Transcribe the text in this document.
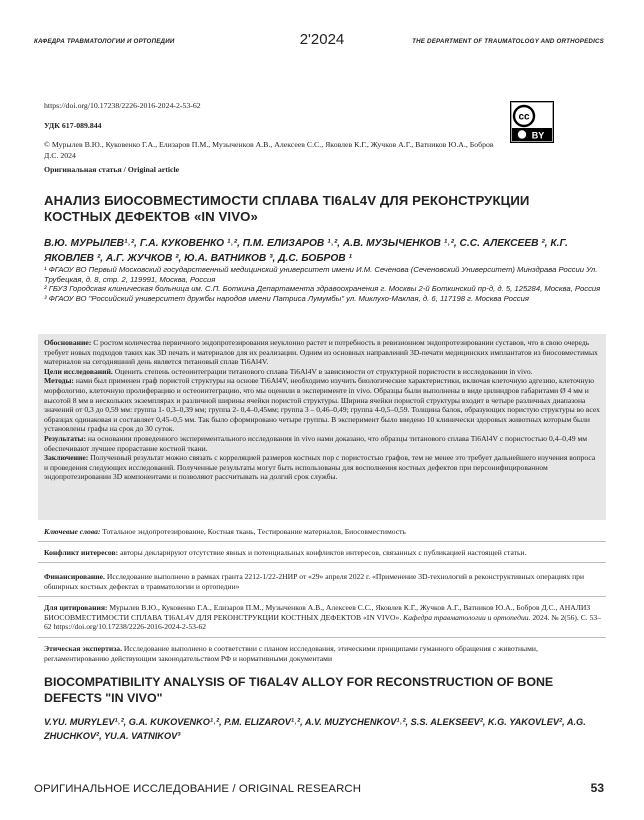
КАФЕДРА ТРАВМАТОЛОГИИ И ОРТОПЕДИИ	2'2024	THE DEPARTMENT OF TRAUMATOLOGY AND ORTHOPEDICS
https://doi.org/10.17238/2226-2016-2024-2-53-62
УДК 617-089.844
© Мурылев В.Ю., Куковенко Г.А., Елизаров П.М., Музыченков А.В., Алексеев С.С., Яковлев К.Г., Жучков А.Г., Ватников Ю.А., Бобров Д.С. 2024
Оригинальная статья / Original article
cc
BY
АНАЛИЗ БИОСОВМЕСТИМОСТИ СПЛАВА TI6AL4V ДЛЯ РЕКОНСТРУКЦИИ КОСТНЫХ ДЕФЕКТОВ «IN VIVO»
В.Ю. МУРЫЛЕВ¹˒², Г.А. КУКОВЕНКО ¹˒², П.М. ЕЛИЗАРОВ ¹˒², А.В. МУЗЫЧЕНКОВ ¹˒², С.С. АЛЕКСЕЕВ ², К.Г. ЯКОВЛЕВ ², А.Г. ЖУЧКОВ ², Ю.А. ВАТНИКОВ ³, Д.С. БОБРОВ ¹
¹ ФГАОУ ВО Первый Московский государственный медицинский университет имени И.М. Сеченова (Сеченовский Университет) Минздрава России Ул. Трубецкая, д. 8, стр. 2, 119991, Москва, Россия
² ГБУЗ Городская клиническая больница им. С.П. Боткина Департамента здравоохранения г. Москвы 2-й Боткинский пр-д, д. 5, 125284, Москва, Россия
³ ФГАОУ ВО "Российский университет дружбы народов имени Патриса Лумумбы" ул. Миклухо-Маклая, д. 6, 117198 г. Москва Россия

Обоснование: С ростом количества первичного эндопротезирования неуклонно растет и потребность в ревизионном эндопротезировании суставов, что в свою очередь требует новых подходов таких как 3D печать и материалов для их реализации. Одним из основных направлений 3D-печати медицинских имплантатов из биосовместимых материалов на сегодняшний день является титановый сплав Ti6Al4V.

Цели исследований. Оценить степень остеоинтеграции титанового сплава Ti6Al4V в зависимости от структурной пористости в исследовании in vivo.

Методы: нами был применен граф пористой структуры на основе Ti6Al4V, необходимо изучить биологические характеристики, включая клеточную адгезию, клеточную морфологию, клеточную пролиферацию и остеоинтеграцию, что мы оценили в эксперименте in vivo. Образцы были выполнены в виде цилиндров габаритами Ø 4 мм и высотой 8 мм в нескольких экземплярах и различной ширины ячейки пористой структуры. Ширина ячейки пористой структуры входит в четыре различных диапазона значений от 0,3 до 0,59 мм: группа 1- 0,3–0,39 мм; группа 2- 0,4–0,45мм; группа 3 – 0,46–0,49; группа 4-0,5–0,59. Толщина балок, образующих пористую структуры во всех образцах одинаковая и составляет 0,45–0,5 мм. Так было сформировано четыре группы. В эксперимент было введено 10 клинически здоровых животных которым были установлены графы на срок до 30 суток.

Результаты: на основании проведенного экспериментального исследования in vivo нами доказано, что образцы титанового сплава Ti6Al4V с пористостью 0,4–0,49 мм обеспечивают лучшее прорастание костной ткани.

Заключение: Полученный результат можно связать с корреляцией размеров костных пор с пористостью графов, тем не менее это требует дальнейшего изучения вопроса и проведения следующих исследований. Полученные результаты могут быть использованы для восполнения костных дефектов при персонифицированном эндопротезировании 3D компонентами и позволяют рассчитывать на долгий срок службы.

Ключевые слова: Тотальное эндопротезирование, Костная ткань, Тестирование материалов, Биосовместимость
Конфликт интересов: авторы декларируют отсутствие явных и потенциальных конфликтов интересов, связанных с публикацией настоящей статьи.
Финансирование. Исследование выполнено в рамках гранта 2212-1/22-2НИР от «29» апреля 2022 г. «Применение 3D-технологий в реконструктивных операциях при обширных костных дефектах в травматологии и ортопедии»
Для цитирования: Мурылев В.Ю., Куковенко Г.А., Елизаров П.М., Музыченков А.В., Алексеев С.С., Яковлев К.Г., Жучков А.Г., Ватников Ю.А., Бобров Д.С., АНАЛИЗ БИОСОВМЕСТИМОСТИ СПЛАВА TI6AL4V ДЛЯ РЕКОНСТРУКЦИИ КОСТНЫХ ДЕФЕКТОВ «IN VIVO». Кафедра травматологии и ортопедии. 2024. № 2(56). С. 53–62 https://doi.org/10.17238/2226-2016-2024-2-53-62
Этическая экспертиза. Исследование выполнено в соответствии с планом исследования, этическими принципами гуманного обращения с животными, регламентированию действующим законодательством РФ и нормативными документами
BIOCOMPATIBILITY ANALYSIS OF TI6AL4V ALLOY FOR RECONSTRUCTION OF BONE DEFECTS "IN VIVO"
V.YU. MURYLEV¹˒², G.A. KUKOVENKO¹˒², P.M. ELIZAROV¹˒², A.V. MUZYCHENKOV¹˒², S.S. ALEKSEEV², K.G. YAKOVLEV², A.G. ZHUCHKOV², YU.A. VATNIKOV³
ОРИГИНАЛЬНОЕ ИССЛЕДОВАНИЕ / ORIGINAL RESEARCH	53
